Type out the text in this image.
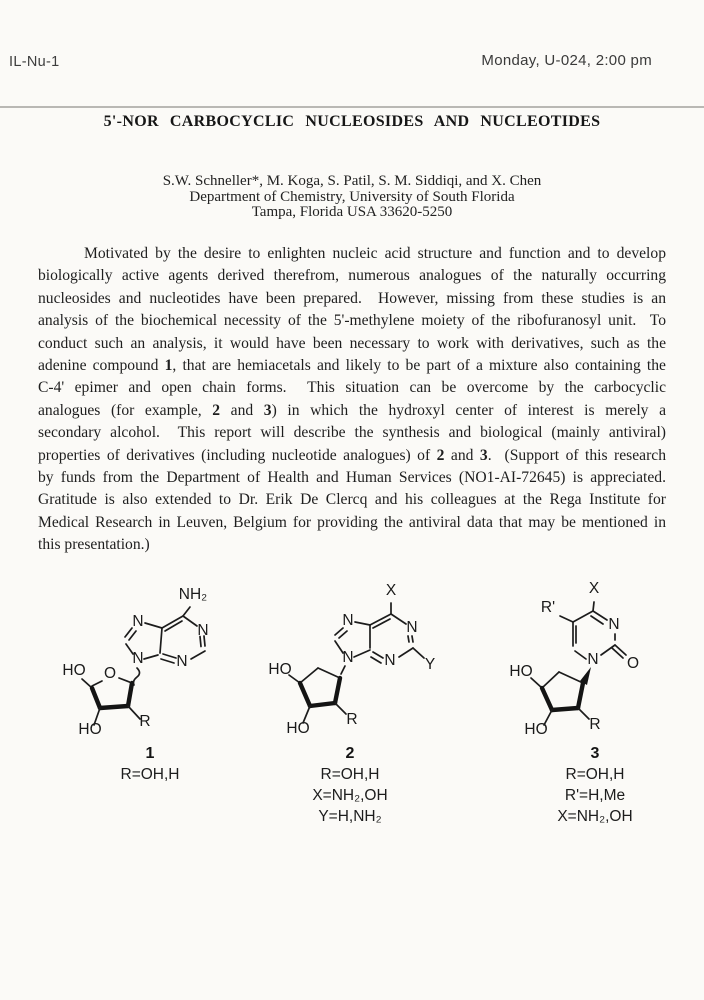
IL-Nu-1	Monday, U-024, 2:00 pm
5'-NOR CARBOCYCLIC NUCLEOSIDES AND NUCLEOTIDES
S.W. Schneller*, M. Koga, S. Patil, S. M. Siddiqi, and X. Chen
Department of Chemistry, University of South Florida
Tampa, Florida USA 33620-5250
Motivated by the desire to enlighten nucleic acid structure and function and to develop
biologically active agents derived therefrom, numerous analogues of the naturally occurring
nucleosides and nucleotides have been prepared.  However, missing from these studies is an
analysis of the biochemical necessity of the 5'-methylene moiety of the ribofuranosyl unit.  To
conduct such an analysis, it would have been necessary to work with derivatives, such as the
adenine compound 1, that are hemiacetals and likely to be part of a mixture also containing the
C-4' epimer and open chain forms.  This situation can be overcome by the carbocyclic
analogues (for example, 2 and 3) in which the hydroxyl center of interest is merely a
secondary alcohol.  This report will describe the synthesis and biological (mainly antiviral)
properties of derivatives (including nucleotide analogues) of 2 and 3.  (Support of this research
by funds from the Department of Health and Human Services (NO1-AI-72645) is appreciated.
Gratitude is also extended to Dr. Erik De Clercq and his colleagues at the Rega Institute for
Medical Research in Leuven, Belgium for providing the antiviral data that may be mentioned in
this presentation.)
NH₂
N
N
N
N
O
HO
HO R
X
N
N
N
N	Y
HO
HO
R
X
R'
N
O
N
HO
HO	R
1
R=OH,H
2
R=OH,H
X=NH₂,OH
Y=H,NH₂
3
R=OH,H
R'=H,Me
X=NH₂,OH
